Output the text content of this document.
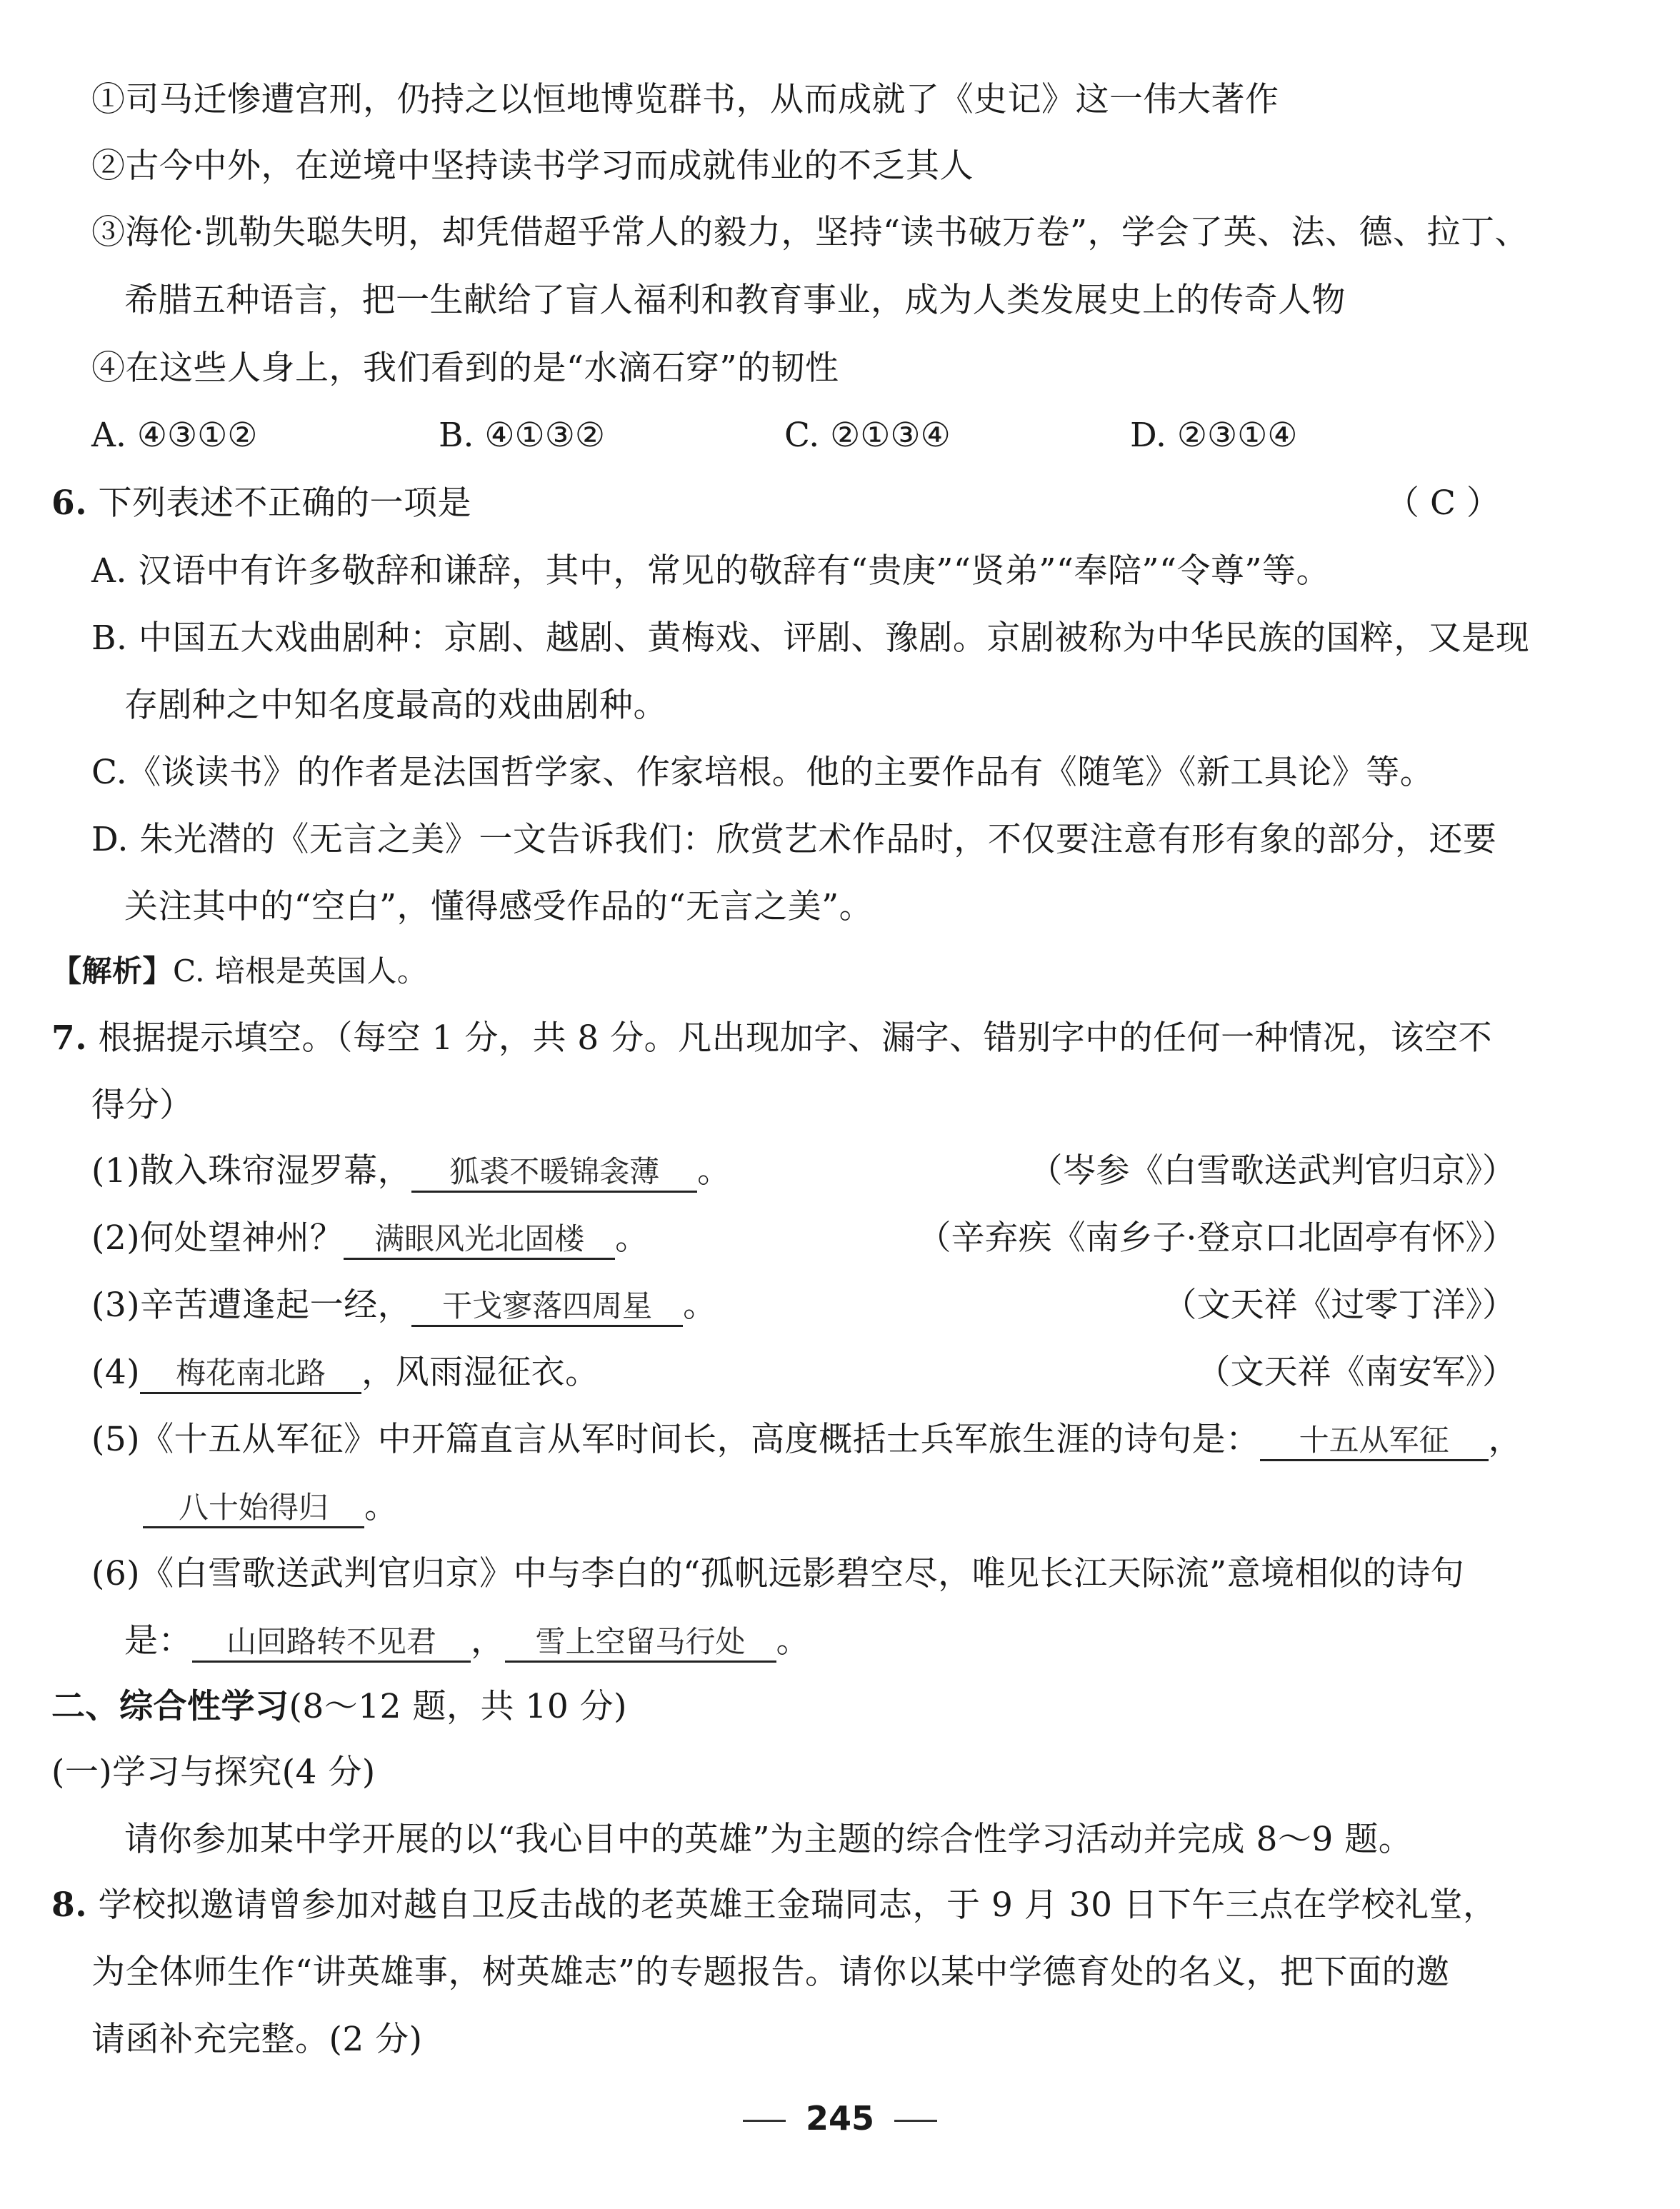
①司马迁惨遭宫刑，仍持之以恒地博览群书，从而成就了《史记》这一伟大著作
②古今中外，在逆境中坚持读书学习而成就伟业的不乏其人
③海伦·凯勒失聪失明，却凭借超乎常人的毅力，坚持“读书破万卷”，学会了英、法、德、拉丁、
希腊五种语言，把一生献给了盲人福利和教育事业，成为人类发展史上的传奇人物
④在这些人身上，我们看到的是“水滴石穿”的韧性
A. ④③①②	B. ④①③②	C. ②①③④	D. ②③①④
6. 下列表述不正确的一项是	（ C ）
A. 汉语中有许多敬辞和谦辞，其中，常见的敬辞有“贵庚”“贤弟”“奉陪”“令尊”等。
B. 中国五大戏曲剧种：京剧、越剧、黄梅戏、评剧、豫剧。京剧被称为中华民族的国粹，又是现
存剧种之中知名度最高的戏曲剧种。
C.《谈读书》的作者是法国哲学家、作家培根。他的主要作品有《随笔》《新工具论》等。
D. 朱光潜的《无言之美》一文告诉我们：欣赏艺术作品时，不仅要注意有形有象的部分，还要
关注其中的“空白”，懂得感受作品的“无言之美”。
【解析】C. 培根是英国人。
7. 根据提示填空。（每空 1 分，共 8 分。凡出现加字、漏字、错别字中的任何一种情况，该空不
得分）
(1)散入珠帘湿罗幕， 狐裘不暖锦衾薄 。	（岑参《白雪歌送武判官归京》）
(2)何处望神州？ 满眼风光北固楼 。	（辛弃疾《南乡子·登京口北固亭有怀》）
(3)辛苦遭逢起一经， 干戈寥落四周星 。	（文天祥《过零丁洋》）
(4) 梅花南北路 ，风雨湿征衣。	（文天祥《南安军》）
(5)《十五从军征》中开篇直言从军时间长，高度概括士兵军旅生涯的诗句是： 十五从军征 ，
八十始得归 。
(6)《白雪歌送武判官归京》中与李白的“孤帆远影碧空尽，唯见长江天际流”意境相似的诗句
是： 山回路转不见君 ， 雪上空留马行处 。
二、综合性学习(8～12 题，共 10 分)
(一)学习与探究(4 分)
请你参加某中学开展的以“我心目中的英雄”为主题的综合性学习活动并完成 8～9 题。
8. 学校拟邀请曾参加对越自卫反击战的老英雄王金瑞同志，于 9 月 30 日下午三点在学校礼堂，
为全体师生作“讲英雄事，树英雄志”的专题报告。请你以某中学德育处的名义，把下面的邀
请函补充完整。(2 分)
245
